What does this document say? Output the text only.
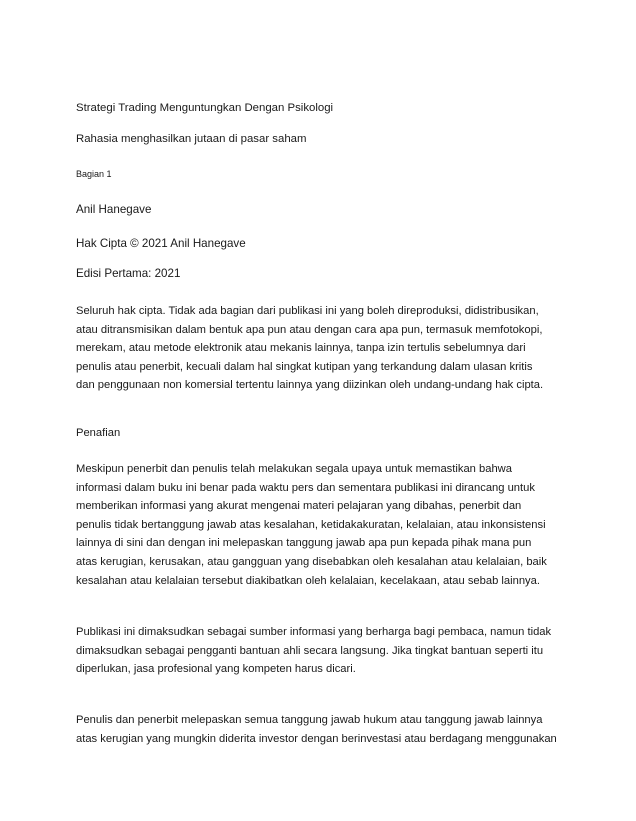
Strategi Trading Menguntungkan Dengan Psikologi

Rahasia menghasilkan jutaan di pasar saham

Bagian 1

Anil Hanegave

Hak Cipta © 2021 Anil Hanegave

Edisi Pertama: 2021

Seluruh hak cipta. Tidak ada bagian dari publikasi ini yang boleh direproduksi, didistribusikan,
atau ditransmisikan dalam bentuk apa pun atau dengan cara apa pun, termasuk memfotokopi,
merekam, atau metode elektronik atau mekanis lainnya, tanpa izin tertulis sebelumnya dari
penulis atau penerbit, kecuali dalam hal singkat kutipan yang terkandung dalam ulasan kritis
dan penggunaan non komersial tertentu lainnya yang diizinkan oleh undang-undang hak cipta.

Penafian

Meskipun penerbit dan penulis telah melakukan segala upaya untuk memastikan bahwa
informasi dalam buku ini benar pada waktu pers dan sementara publikasi ini dirancang untuk
memberikan informasi yang akurat mengenai materi pelajaran yang dibahas, penerbit dan
penulis tidak bertanggung jawab atas kesalahan, ketidakakuratan, kelalaian, atau inkonsistensi
lainnya di sini dan dengan ini melepaskan tanggung jawab apa pun kepada pihak mana pun
atas kerugian, kerusakan, atau gangguan yang disebabkan oleh kesalahan atau kelalaian, baik
kesalahan atau kelalaian tersebut diakibatkan oleh kelalaian, kecelakaan, atau sebab lainnya.
Publikasi ini dimaksudkan sebagai sumber informasi yang berharga bagi pembaca, namun tidak
dimaksudkan sebagai pengganti bantuan ahli secara langsung. Jika tingkat bantuan seperti itu
diperlukan, jasa profesional yang kompeten harus dicari.
Penulis dan penerbit melepaskan semua tanggung jawab hukum atau tanggung jawab lainnya
atas kerugian yang mungkin diderita investor dengan berinvestasi atau berdagang menggunakan
